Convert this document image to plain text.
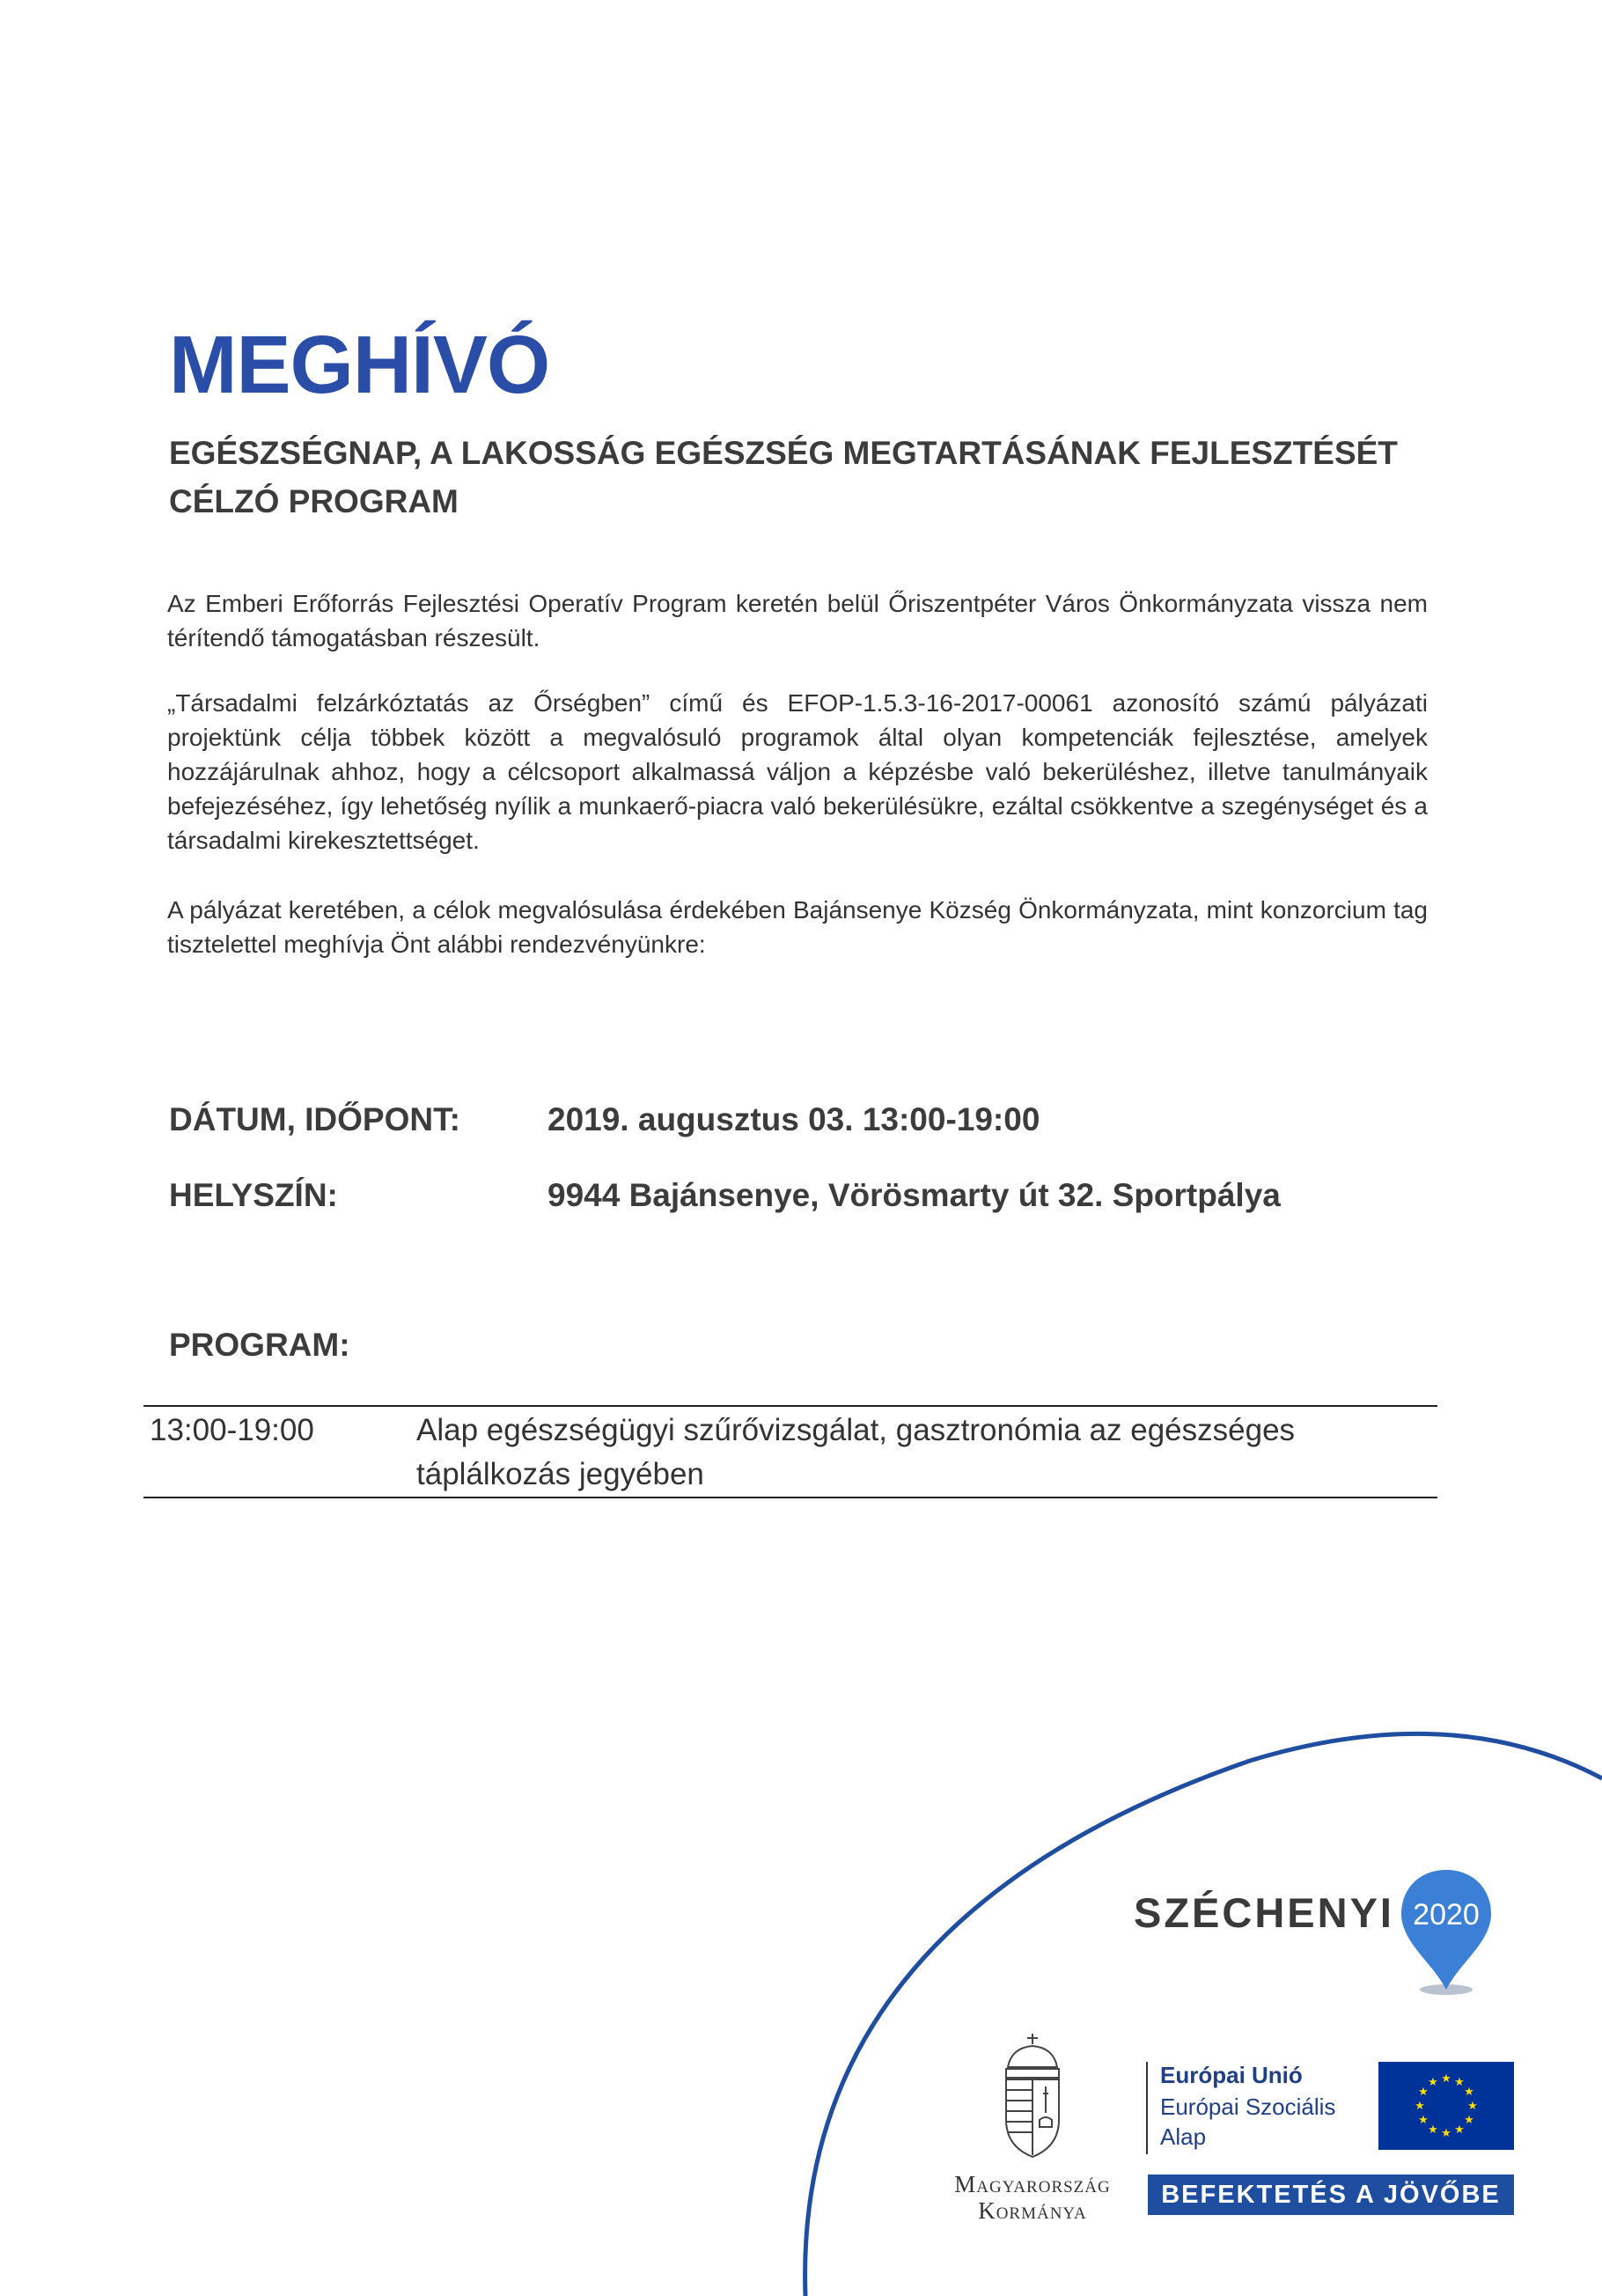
MEGHÍVÓ

EGÉSZSÉGNAP, A LAKOSSÁG EGÉSZSÉG MEGTARTÁSÁNAK FEJLESZTÉSÉT CÉLZÓ PROGRAM

Az Emberi Erőforrás Fejlesztési Operatív Program keretén belül Őriszentpéter Város Önkormányzata vissza nem térítendő támogatásban részesült.

„Társadalmi felzárkóztatás az Őrségben” című és EFOP-1.5.3-16-2017-00061 azonosító számú pályázati projektünk célja többek között a megvalósuló programok által olyan kompetenciák fejlesztése, amelyek hozzájárulnak ahhoz, hogy a célcsoport alkalmassá váljon a képzésbe való bekerüléshez, illetve tanulmányaik befejezéséhez, így lehetőség nyílik a munkaerő-piacra való bekerülésükre, ezáltal csökkentve a szegénységet és a társadalmi kirekesztettséget.

A pályázat keretében, a célok megvalósulása érdekében Bajánsenye Község Önkormányzata, mint konzorcium tag tisztelettel meghívja Önt alábbi rendezvényünkre:

DÁTUM, IDŐPONT:	2019. augusztus 03. 13:00-19:00
HELYSZÍN:	9944 Bajánsenye, Vörösmarty út 32. Sportpálya
PROGRAM:
13:00-19:00	Alap egészségügyi szűrővizsgálat, gasztronómia az egészséges táplálkozás jegyében

SZÉCHENYI 2020
Magyarország
Kormánya
Európai Unió
Európai Szociális
Alap
★ ★
★
★
★
★
★
★
★
★
★
★
BEFEKTETÉS A JÖVŐBE
